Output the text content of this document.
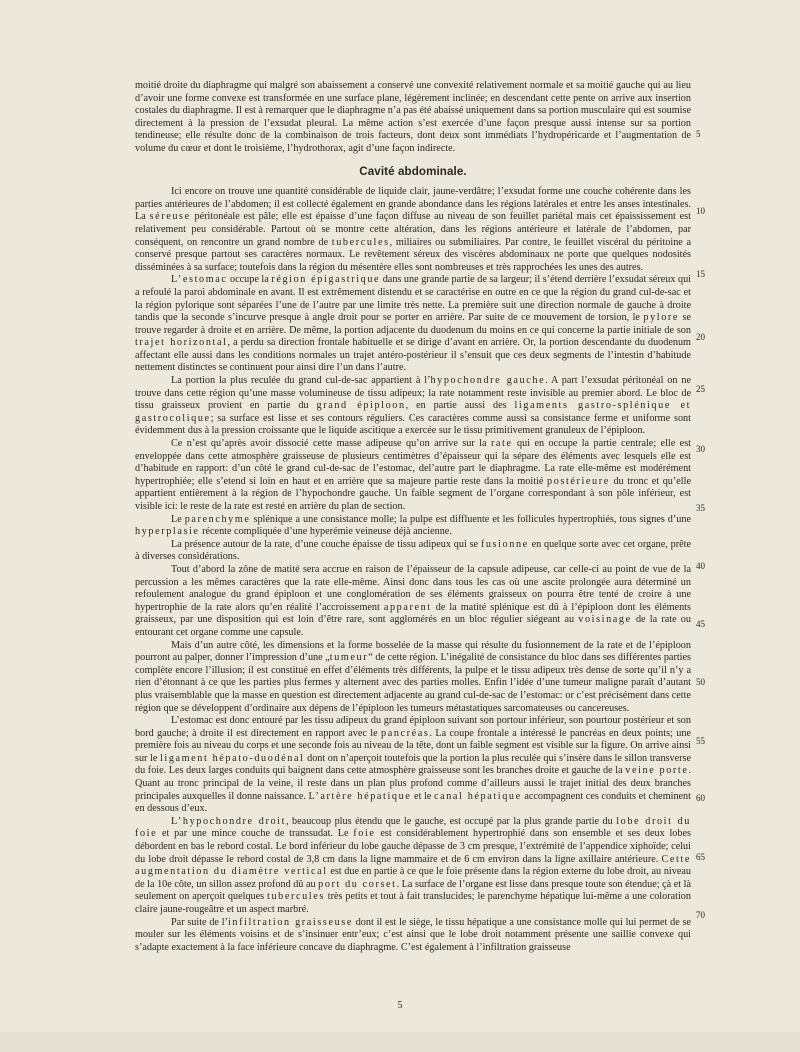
moitié droite du diaphragme qui malgré son abaissement a conservé une convexité relativement normale et sa moitié gauche qui au lieu d’avoir une forme convexe est transformée en une surface plane, légèrement inclinée; en descendant cette pente on arrive aux insertion costales du diaphragme. Il est à remarquer que le diaphragme n’a pas été abaissé uniquement dans sa portion musculaire qui est soumise directement à la pression de l’exsudat pleural. La même action s’est exercée d’une façon presque aussi intense sur sa portion tendineuse; elle résulte donc de la combinaison de trois facteurs, dont deux sont immédiats l’hydropéricarde et l’augmentation de volume du cœur et dont le troisième, l’hydrothorax, agit d’une façon indirecte.

Cavité abdominale.

Ici encore on trouve une quantité considérable de liquide clair, jaune-verdâtre; l’exsudat forme une couche cohérente dans les parties antérieures de l’abdomen; il est collecté également en grande abondance dans les régions latérales et entre les anses intestinales. La séreuse péritonéale est pâle; elle est épaisse d’une façon diffuse au niveau de son feuillet pariétal mais cet épaississement est relativement peu considérable. Partout où se montre cette altération, dans les régions antérieure et latérale de l’abdomen, par conséquent, on rencontre un grand nombre de tubercules, miliaires ou submiliaires. Par contre, le feuillet viscéral du péritoine a conservé presque partout ses caractères normaux. Le revêtement séreux des viscères abdominaux ne porte que quelques nodosités disséminées à sa surface; toutefois dans la région du mésentère elles sont nombreuses et très rapprochées les unes des autres.

L’estomac occupe la région épigastrique dans une grande partie de sa largeur; il s’étend derrière l’exsudat séreux qui a refoulé la paroi abdominale en avant. Il est extrêmement distendu et se caractérise en outre en ce que la région du grand cul-de-sac et la région pylorique sont séparées l’une de l’autre par une limite très nette. La première suit une direction normale de gauche à droite tandis que la seconde s’incurve presque à angle droit pour se porter en arrière. Par suite de ce mouvement de torsion, le pylore se trouve regarder à droite et en arrière. De même, la portion adjacente du duodenum du moins en ce qui concerne la partie initiale de son trajet horizontal, a perdu sa direction frontale habituelle et se dirige d’avant en arrière. Or, la portion descendante du duodenum affectant elle aussi dans les conditions normales un trajet antéro-postérieur il s’ensuit que ces deux segments de l’intestin d’habitude nettement distinctes se continuent pour ainsi dire l’un dans l’autre.

La portion la plus reculée du grand cul-de-sac appartient à l’hypochondre gauche. A part l’exsudat péritonéal on ne trouve dans cette région qu’une masse volumineuse de tissu adipeux; la rate notamment reste invisible au premier abord. Le bloc de tissu graisseux provient en partie du grand épiploon, en partie aussi des ligaments gastro-splénique et gastrocolique; sa surface est lisse et ses contours réguliers. Ces caractères comme aussi sa consistance ferme et uniforme sont évidemment dus à la pression croissante que le liquide ascitique a exercée sur le tissu primitivement granuleux de l’épiploon.

Ce n’est qu’après avoir dissocié cette masse adipeuse qu’on arrive sur la rate qui en occupe la partie centrale; elle est enveloppée dans cette atmosphère graisseuse de plusieurs centimètres d’épaisseur qui la sépare des éléments avec lesquels elle est d’habitude en rapport: d’un côté le grand cul-de-sac de l’estomac, del’autre part le diaphragme. La rate elle-même est modérément hypertrophiée; elle s’etend si loin en haut et en arrière que sa majeure partie reste dans la moitié postérieure du tronc et qu’elle appartient entièrement à la région de l’hypochondre gauche. Un faible segment de l’organe correspondant à son pôle inférieur, est visible ici: le reste de la rate est resté en arrière du plan de section.

Le parenchyme splénique a une consistance molle; la pulpe est diffluente et les follicules hypertrophiés, tous signes d’une hyperplasie récente compliquée d’une hyperémie veineuse déjà ancienne.

La présence autour de la rate, d’une couche épaisse de tissu adipeux qui se fusionne en quelque sorte avec cet organe, prête à diverses considérations.

Tout d’abord la zône de matité sera accrue en raison de l’épaisseur de la capsule adipeuse, car celle-ci au point de vue de la percussion a les mêmes caractères que la rate elle-même. Ainsi donc dans tous les cas où une ascite prolongée aura déterminé un refoulement analogue du grand épiploon et une conglomération de ses éléments graisseux on pourra être tenté de croire à une hypertrophie de la rate alors qu’en réalité l’accroissement apparent de la matité splénique est dû à l’épiploon dont les éléments graisseux, par une disposition qui est loin d’être rare, sont agglomérés en un bloc régulier siégeant au voisinage de la rate ou entourant cet organe comme une capsule.

Mais d’un autre côté, les dimensions et la forme bosselée de la masse qui résulte du fusionnement de la rate et de l’épiploon pourront au palper, donner l’impression d’une „tumeur“ de cette région. L’inégalité de consistance du bloc dans ses différentes parties complète encore l’illusion; il est constitué en effet d’éléments très différents, la pulpe et le tissu adipeux très dense de sorte qu’il n’y a rien d’étonnant à ce que les parties plus fermes y alternent avec des parties molles. Enfin l’idée d’une tumeur maligne paraît d’autant plus vraisemblable que la masse en question est directement adjacente au grand cul-de-sac de l’estomac: or c’est précisément dans cette région que se développent d’ordinaire aux dépens de l’épiploon les tumeurs métastatiques sarcomateuses ou cancereuses.

L’estomac est donc entouré par les tissu adipeux du grand épiploon suivant son portour inférieur, son pourtour postérieur et son bord gauche; à droite il est directement en rapport avec le pancréas. La coupe frontale a intéressé le pancréas en deux points; une première fois au niveau du corps et une seconde fois au niveau de la tête, dont un faible segment est visible sur la figure. On arrive ainsi sur le ligament hépato-duodénal dont on n’aperçoit toutefois que la portion la plus reculée qui s’insère dans le sillon transverse du foie. Les deux larges conduits qui baignent dans cette atmosphère graisseuse sont les branches droite et gauche de la veine porte. Quant au tronc principal de la veine, il reste dans un plan plus profond comme d’ailleurs aussi le trajet initial des deux branches principales auxquelles il donne naissance. L’artère hépatique et le canal hépatique accompagnent ces conduits et cheminent en dessous d’eux.

L’hypochondre droit, beaucoup plus étendu que le gauche, est occupé par la plus grande partie du lobe droit du foie et par une mince couche de transsudat. Le foie est considérablement hypertrophié dans son ensemble et ses deux lobes débordent en bas le rebord costal. Le bord inférieur du lobe gauche dépasse de 3 cm presque, l’extrémité de l’appendice xiphoïde; celui du lobe droit dépasse le rebord costal de 3,8 cm dans la ligne mammaire et de 6 cm environ dans la ligne axillaire antérieure. Cette augmentation du diamètre vertical est due en partie à ce que le foie présente dans la région externe du lobe droit, au niveau de la 10e côte, un sillon assez profond dû au port du corset. La surface de l’organe est lisse dans presque toute son étendue; çà et là seulement on aperçoit quelques tubercules très petits et tout à fait translucides; le parenchyme hépatique lui-même a une coloration claire jaune-rougeâtre et un aspect marbré.

Par suite de l’infiltration graisseuse dont il est le siège, le tissu hépatique a une consistance molle qui lui permet de se mouler sur les éléments voisins et de s’insinuer entr’eux; c’est ainsi que le lobe droit notamment présente une saillie convexe qui s’adapte exactement à la face inférieure concave du diaphragme. C’est également à l’infiltration graisseuse

5
10
15
20
25
30
35
40
45
50
55
60
65
70
5
